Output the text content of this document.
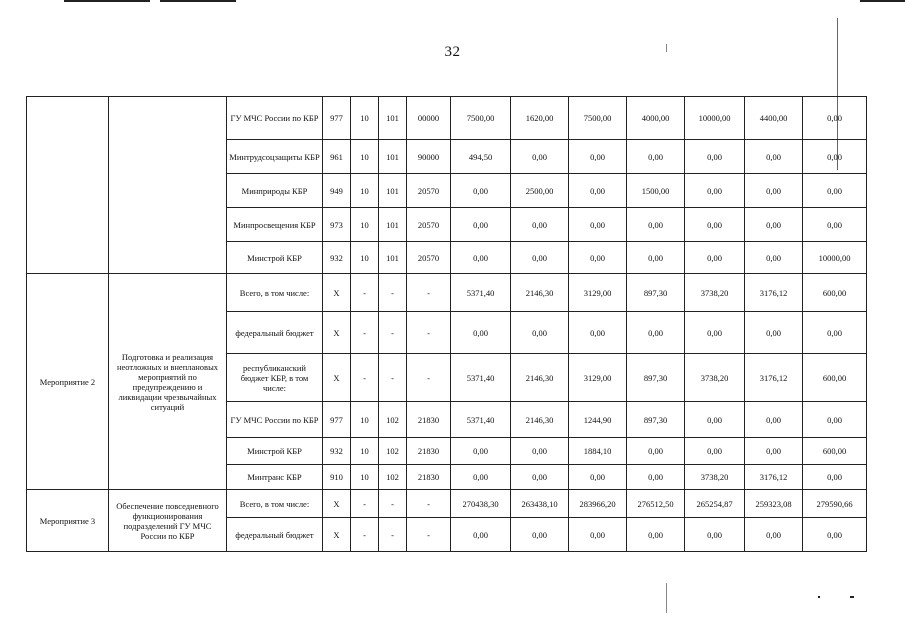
32
		ГУ МЧС России по КБР	977	10	101	00000	7500,00	1620,00	7500,00	4000,00	10000,00	4400,00	0,00
		Минтрудсоцзащиты КБР	961	10	101	90000	494,50	0,00	0,00	0,00	0,00	0,00	0,00
		Минприроды КБР	949	10	101	20570	0,00	2500,00	0,00	1500,00	0,00	0,00	0,00
		Минпросвещения КБР	973	10	101	20570	0,00	0,00	0,00	0,00	0,00	0,00	0,00
		Минстрой КБР	932	10	101	20570	0,00	0,00	0,00	0,00	0,00	0,00	10000,00
Мероприятие 2	Подготовка и реализация неотложных и внеплановых мероприятий по предупреждению и ликвидации чрезвычайных ситуаций	Всего, в том числе:	Х	-	-	-	5371,40	2146,30	3129,00	897,30	3738,20	3176,12	600,00
		федеральный бюджет	Х	-	-	-	0,00	0,00	0,00	0,00	0,00	0,00	0,00
		республиканский бюджет КБР, в том числе:	Х	-	-	-	5371,40	2146,30	3129,00	897,30	3738,20	3176,12	600,00
		ГУ МЧС России по КБР	977	10	102	21830	5371,40	2146,30	1244,90	897,30	0,00	0,00	0,00
		Минстрой КБР	932	10	102	21830	0,00	0,00	1884,10	0,00	0,00	0,00	600,00
		Минтранс КБР	910	10	102	21830	0,00	0,00	0,00	0,00	3738,20	3176,12	0,00
Мероприятие 3	Обеспечение повседневного функционирования подразделений ГУ МЧС России по КБР	Всего, в том числе:	Х	-	-	-	270438,30	263438,10	283966,20	276512,50	265254,87	259323,08	279590,66
		федеральный бюджет	Х	-	-	-	0,00	0,00	0,00	0,00	0,00	0,00	0,00
